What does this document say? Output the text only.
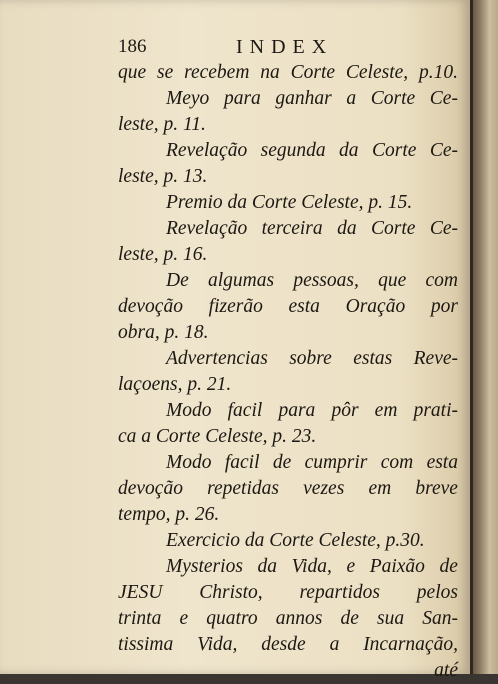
186	INDEX
que se recebem na Corte Celeste, p.10.
Meyo para ganhar a Corte Ce-
leste, p. 11.
Revelação segunda da Corte Ce-
leste, p. 13.
Premio da Corte Celeste, p. 15.
Revelação terceira da Corte Ce-
leste, p. 16.
De algumas pessoas, que com
devoção fizerão esta Oração por
obra, p. 18.
Advertencias sobre estas Reve-
laçoens, p. 21.
Modo facil para pôr em prati-
ca a Corte Celeste, p. 23.
Modo facil de cumprir com esta
devoção repetidas vezes em breve
tempo, p. 26.
Exercicio da Corte Celeste, p.30.
Mysterios da Vida, e Paixão de
JESU Christo, repartidos pelos
trinta e quatro annos de sua San-
tissima Vida, desde a Incarnação,
até
